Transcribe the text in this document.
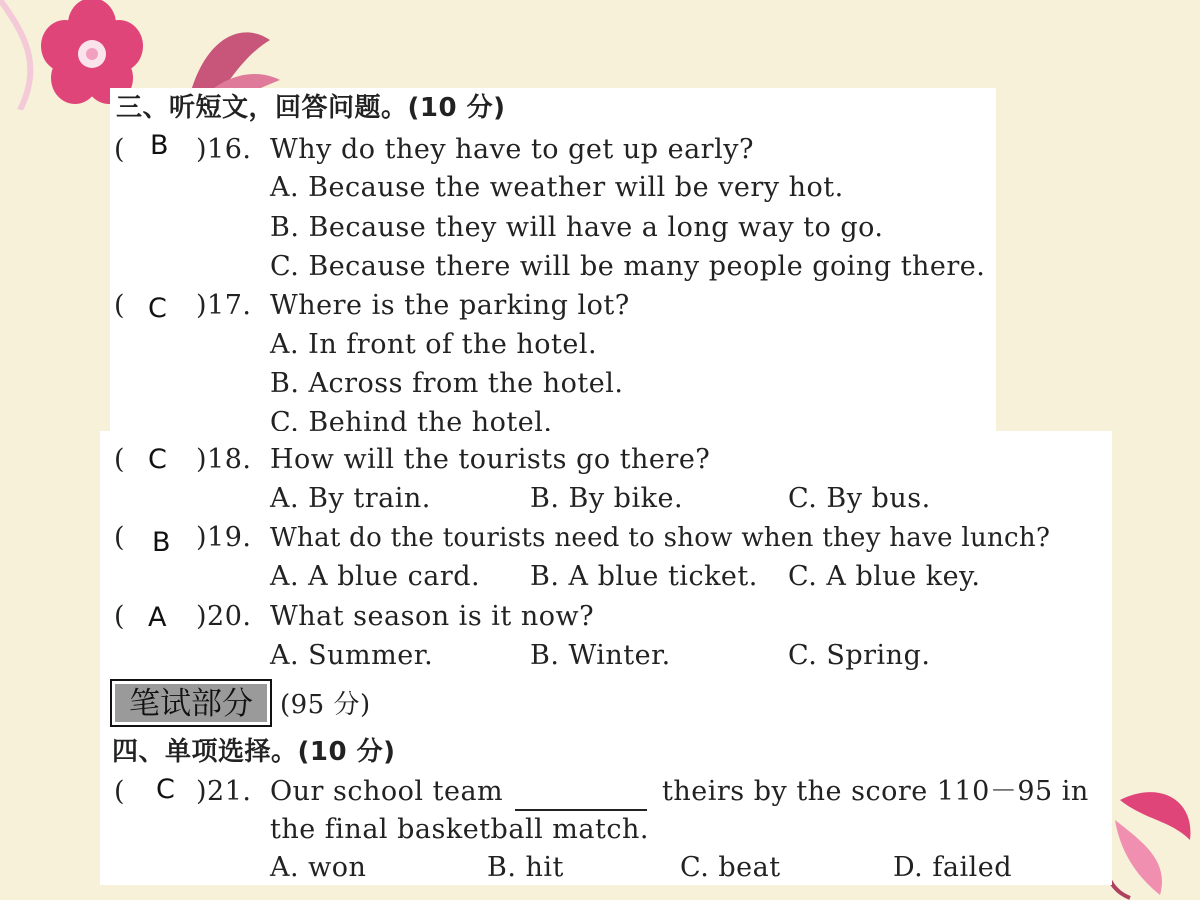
三、听短文，回答问题。(10 分)
( B )16. Why do they have to get up early?
A. Because the weather will be very hot.
B. Because they will have a long way to go.
C. Because there will be many people going there.
( C )17. Where is the parking lot?
A. In front of the hotel.
B. Across from the hotel.
C. Behind the hotel.
( C )18. How will the tourists go there?
A. By train.	B. By bike.	C. By bus.
( B )19. What do the tourists need to show when they have lunch?
A. A blue card. B. A blue ticket. C. A blue key.
( A )20. What season is it now?
A. Summer.	B. Winter.	C. Spring.
笔试部分	(95 分)
四、单项选择。(10 分)
( C )21. Our school team	theirs by the score 110－95 in
the final basketball match.
A. won	B. hit	C. beat	D. failed
